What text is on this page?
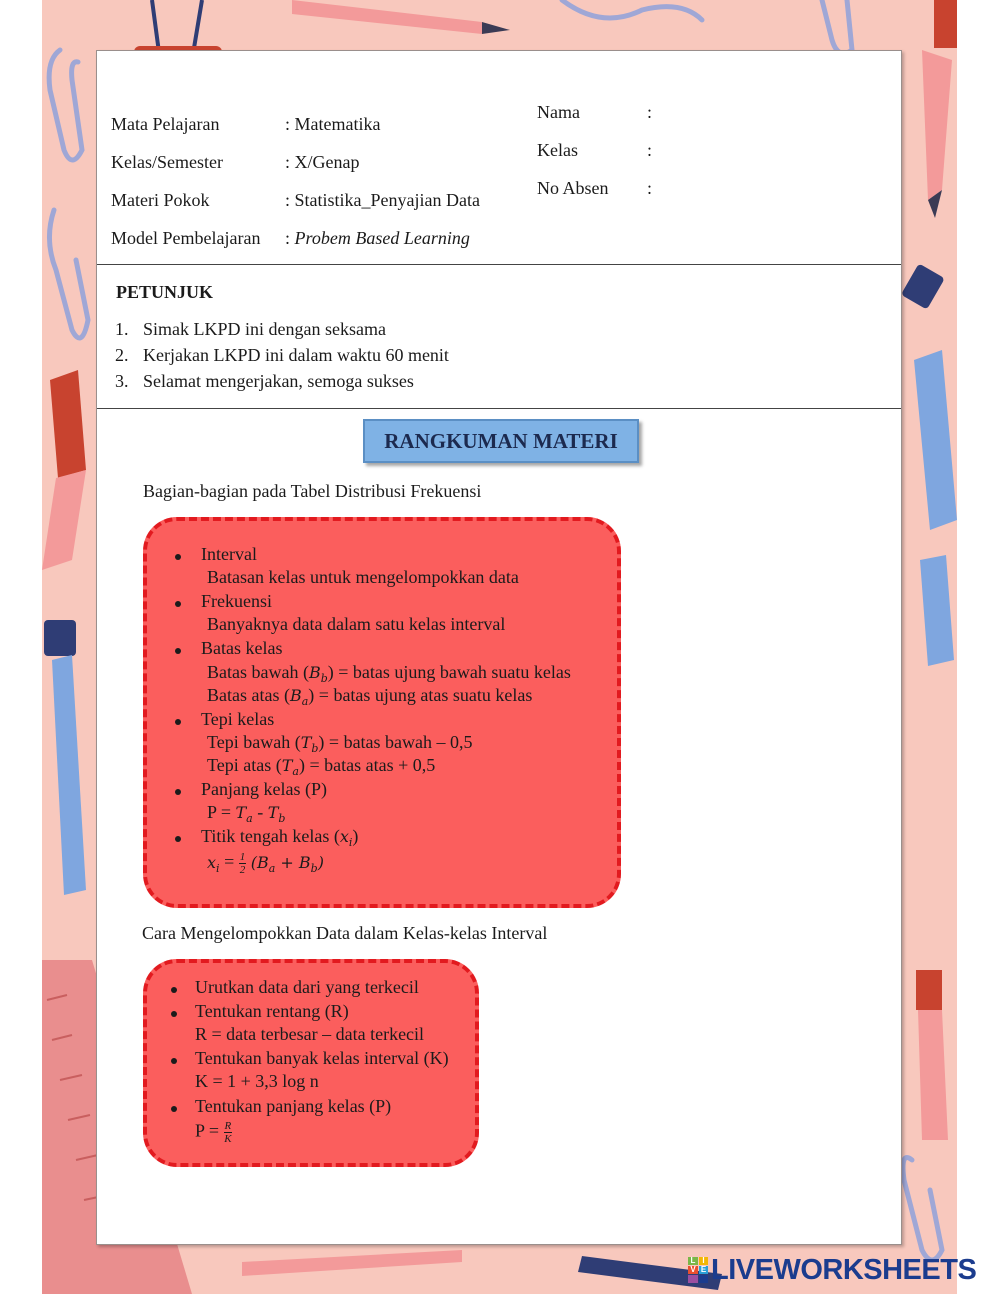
Mata Pelajaran	: Matematika
Kelas/Semester	: X/Genap
Materi Pokok	: Statistika_Penyajian Data
Model Pembelajaran : Probem Based Learning
Nama	:
Kelas	:
No Absen :
PETUNJUK
1. Simak LKPD ini dengan seksama
2. Kerjakan LKPD ini dalam waktu 60 menit
3. Selamat mengerjakan, semoga sukses
RANGKUMAN MATERI
Bagian-bagian pada Tabel Distribusi Frekuensi
Interval
Batasan kelas untuk mengelompokkan data
Frekuensi
Banyaknya data dalam satu kelas interval
Batas kelas
Batas bawah $(B_b)$ = batas ujung bawah suatu kelas
Batas atas $(B_a)$ = batas ujung atas suatu kelas
Tepi kelas
Tepi bawah $(T_b)$ = batas bawah – 0,5
Tepi atas $(T_a)$ = batas atas + 0,5
Panjang kelas (P)
$P = T_a - T_b$
Titik tengah kelas $(x_i)$
$x_i = \frac{1}{2} (B_a + B_b)$
Cara Mengelompokkan Data dalam Kelas-kelas Interval
Urutkan data dari yang terkecil
Tentukan rentang (R)
R = data terbesar – data terkecil
Tentukan banyak kelas interval (K)
K = 1 + 3,3 log n
Tentukan panjang kelas (P)
$P = \frac{R}{K}$
L I
V E LIVEWORKSHEETS
